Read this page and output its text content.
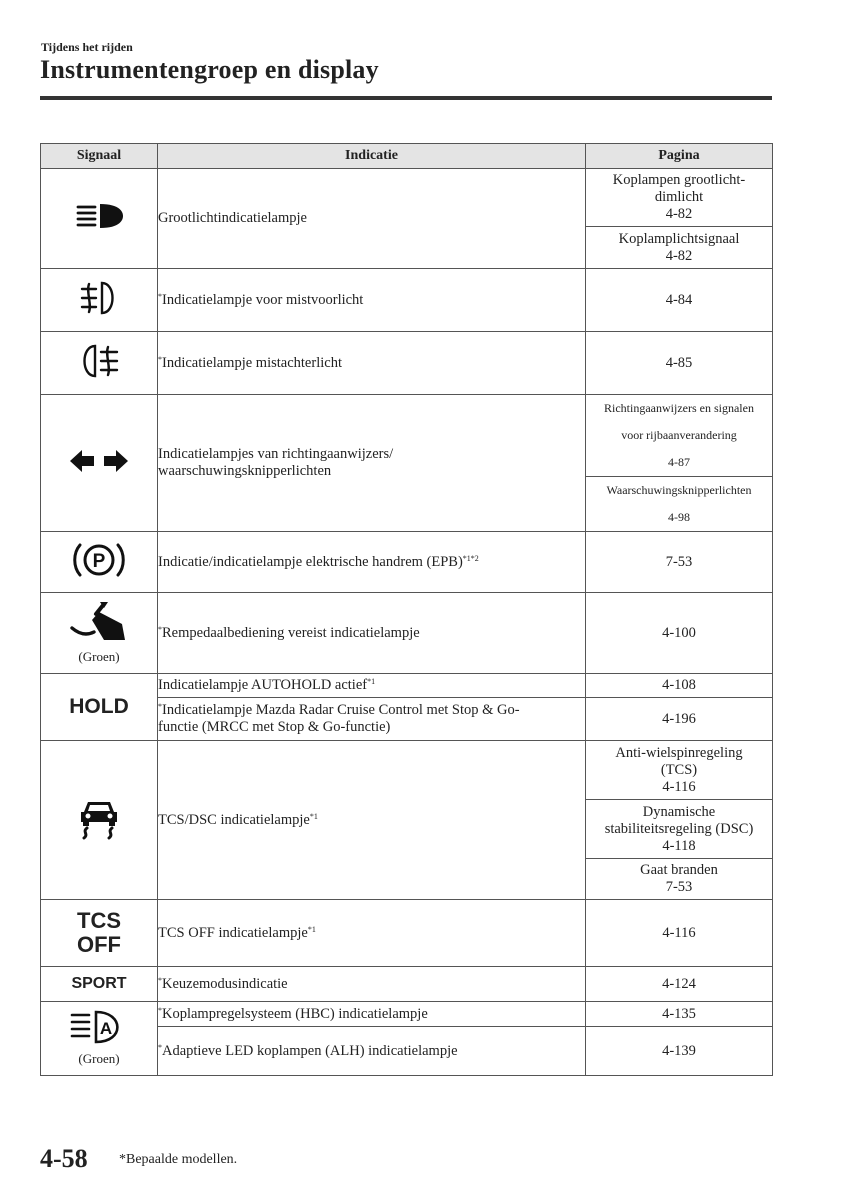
Tijdens het rijden
Instrumentengroep en display
Signaal	Indicatie	Pagina
	Grootlichtindicatielampje	Koplampen grootlicht-
dimlicht
4-82
		Koplamplichtsignaal
4-82
	*Indicatielampje voor mistvoorlicht	4-84
	*Indicatielampje mistachterlicht	4-85
	Indicatielampjes van richtingaanwijzers/
waarschuwingsknipperlichten	Richtingaanwijzers en signalen
voor rijbaanverandering
4-87
		Waarschuwingsknipperlichten
4-98

P	Indicatie/indicatielampje elektrische handrem (EPB)$^{*1*2}$	7-53

(Groen)	*Rempedaalbediening vereist indicatielampje	4-100
HOLD	Indicatielampje AUTOHOLD actief$^{*1}$	4-108
	*Indicatielampje Mazda Radar Cruise Control met Stop & Go-
functie (MRCC met Stop & Go-functie)	4-196
	TCS/DSC indicatielampje$^{*1}$	Anti-wielspinregeling
(TCS)
4-116
		Dynamische
stabiliteitsregeling (DSC)
4-118
		Gaat branden
7-53

TCS
OFF	TCS OFF indicatielampje$^{*1}$	4-116
SPORT	*Keuzemodusindicatie	4-124

A
(Groen)	*Koplampregelsysteem (HBC) indicatielampje	4-135
	*Adaptieve LED koplampen (ALH) indicatielampje	4-139
4-58 *Bepaalde modellen.
